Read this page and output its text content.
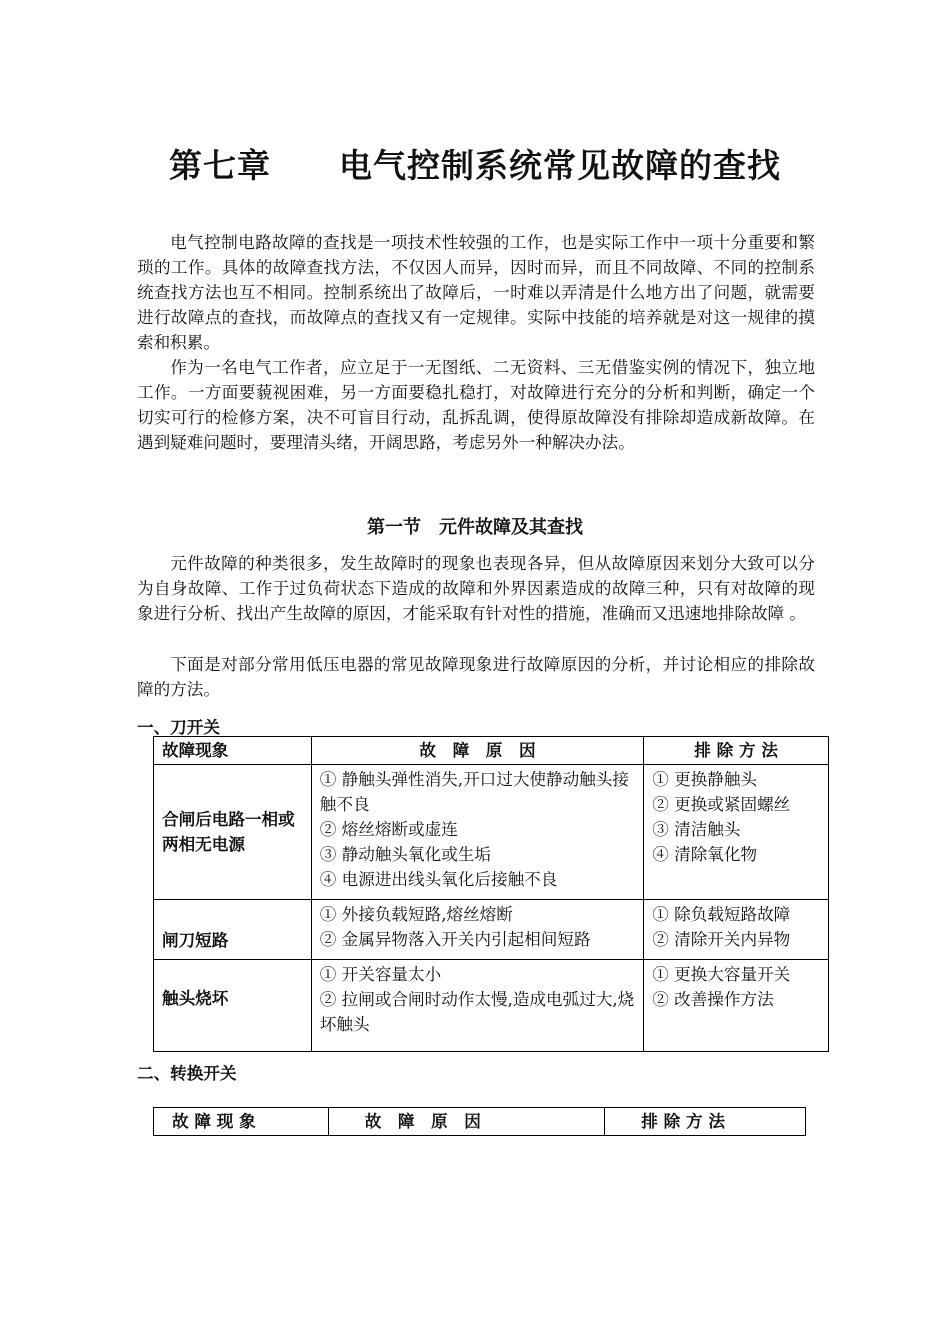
第七章　　电气控制系统常见故障的查找

电气控制电路故障的查找是一项技术性较强的工作，也是实际工作中一项十分重要和繁琐的工作。具体的故障查找方法，不仅因人而异，因时而异，而且不同故障、不同的控制系统查找方法也互不相同。控制系统出了故障后，一时难以弄清是什么地方出了问题，就需要进行故障点的查找，而故障点的查找又有一定规律。实际中技能的培养就是对这一规律的摸索和积累。

作为一名电气工作者，应立足于一无图纸、二无资料、三无借鉴实例的情况下，独立地工作。一方面要藐视困难，另一方面要稳扎稳打，对故障进行充分的分析和判断，确定一个切实可行的检修方案，决不可盲目行动，乱拆乱调，使得原故障没有排除却造成新故障。在遇到疑难问题时，要理清头绪，开阔思路，考虑另外一种解决办法。

第一节　元件故障及其查找

元件故障的种类很多，发生故障时的现象也表现各异，但从故障原因来划分大致可以分为自身故障、工作于过负荷状态下造成的故障和外界因素造成的故障三种，只有对故障的现象进行分析、找出产生故障的原因，才能采取有针对性的措施，准确而又迅速地排除故障 。

下面是对部分常用低压电器的常见故障现象进行故障原因的分析，并讨论相应的排除故障的方法。

一、刀开关
故障现象	故　障　原　因	排 除 方 法
合闸后电路一相或两相无电源	① 静触头弹性消失,开口过大使静动触头接触不良
② 熔丝熔断或虚连
③ 静动触头氧化或生垢
④ 电源进出线头氧化后接触不良	① 更换静触头
② 更换或紧固螺丝
③ 清洁触头
④ 清除氧化物

闸刀短路	① 外接负载短路,熔丝熔断
② 金属异物落入开关内引起相间短路	① 除负载短路故障
② 清除开关内异物

触头烧坏	① 开关容量太小
② 拉闸或合闸时动作太慢,造成电弧过大,烧坏触头	① 更换大容量开关
② 改善操作方法
二、转换开关
故 障 现 象	故　障　原　因	排 除 方 法
